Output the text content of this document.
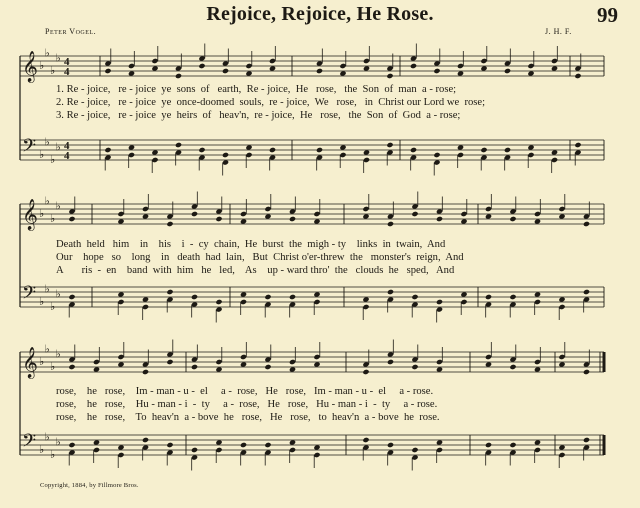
Rejoice, Rejoice, He Rose.	99
Peter Vogel.	J. H. F.
𝄞
𝄢
♭
♭
♭
♭
♭
♭
♭
♭
4
4
4
4
𝄞
𝄢
♭
♭
♭
♭
♭
♭
♭
♭
𝄞
𝄢
♭
♭
♭
♭
♭
♭
♭
♭
1. Re - joice,   re - joice  ye  sons  of   earth,  Re - joice,  He   rose,   the  Son  of  man  a - rose;
2. Re - joice,   re - joice  ye  once-doomed  souls,  re - joice,  We   rose,   in  Christ our Lord we  rose;
3. Re - joice,   re - joice  ye  heirs  of   heav'n,  re - joice,  He   rose,   the  Son  of  God  a - rose;
Death  held   him    in    his    i  -  cy  chain,  He  burst  the  migh - ty    links  in  twain,  And
Our    hope   so    long    in   death  had  lain,   But  Christ o'er-threw  the   monster's  reign,  And
A       ris  -  en    band  with  him   he   led,    As    up - ward thro'  the   clouds  he   sped,   And
rose,    he   rose,    Im - man - u -  el     a -  rose,   He   rose,   Im - man - u -  el     a - rose.
rose,    he   rose,    Hu - man - i  -  ty     a -  rose,   He   rose,   Hu - man - i  -  ty     a - rose.
rose,    he   rose,    To  heav'n  a - bove  he   rose,   He   rose,   to  heav'n  a - bove  he  rose.
Copyright, 1884, by Fillmore Bros.
